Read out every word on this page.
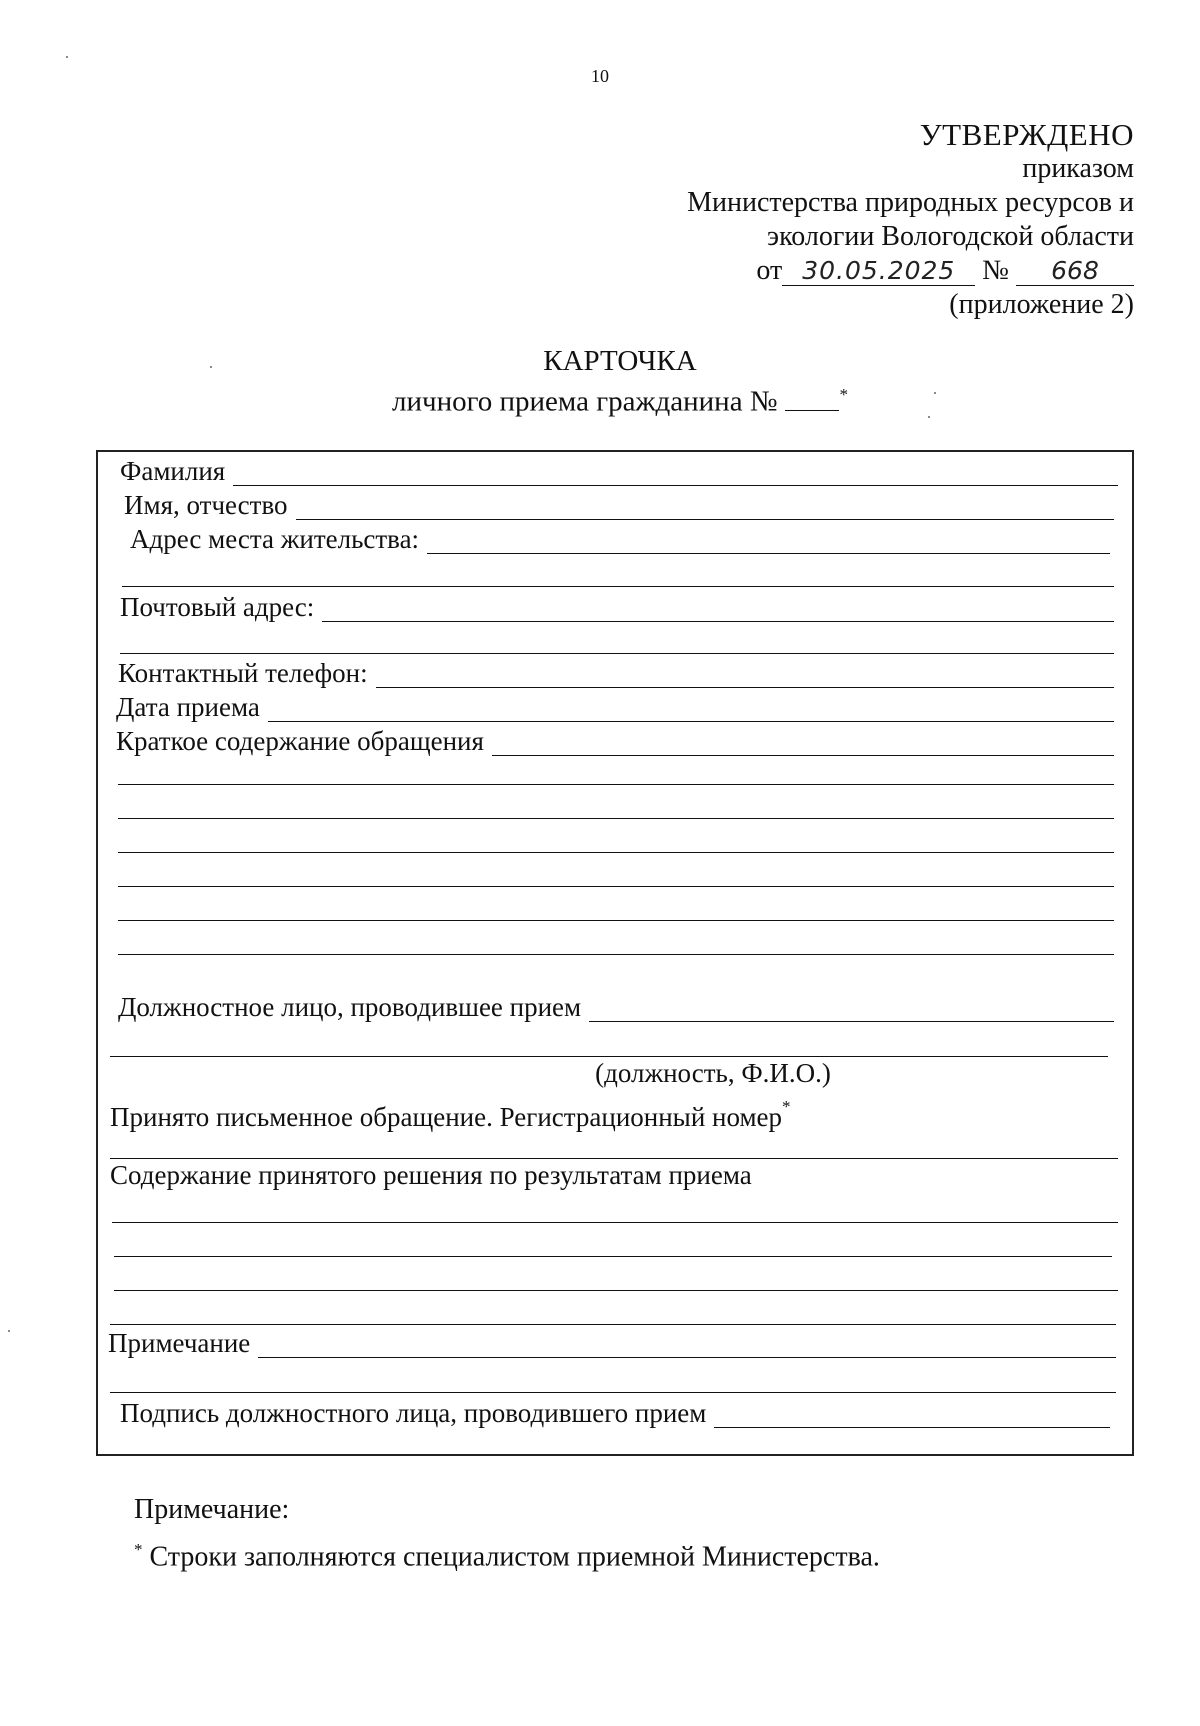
10
УТВЕРЖДЕНО
приказом
Министерства природных ресурсов и
экологии Вологодской области
от 30.05.2025 № 668
(приложение 2)
КАРТОЧКА
личного приема гражданина №	*
Фамилия
Имя, отчество
Адрес места жительства:
Почтовый адрес:
Контактный телефон:
Дата приема
Краткое содержание обращения
Должностное лицо, проводившее прием
(должность, Ф.И.О.)
Принято письменное обращение. Регистрационный номер*
Содержание принятого решения по результатам приема
Примечание
Подпись должностного лица, проводившего прием
Примечание:
* Строки заполняются специалистом приемной Министерства.
